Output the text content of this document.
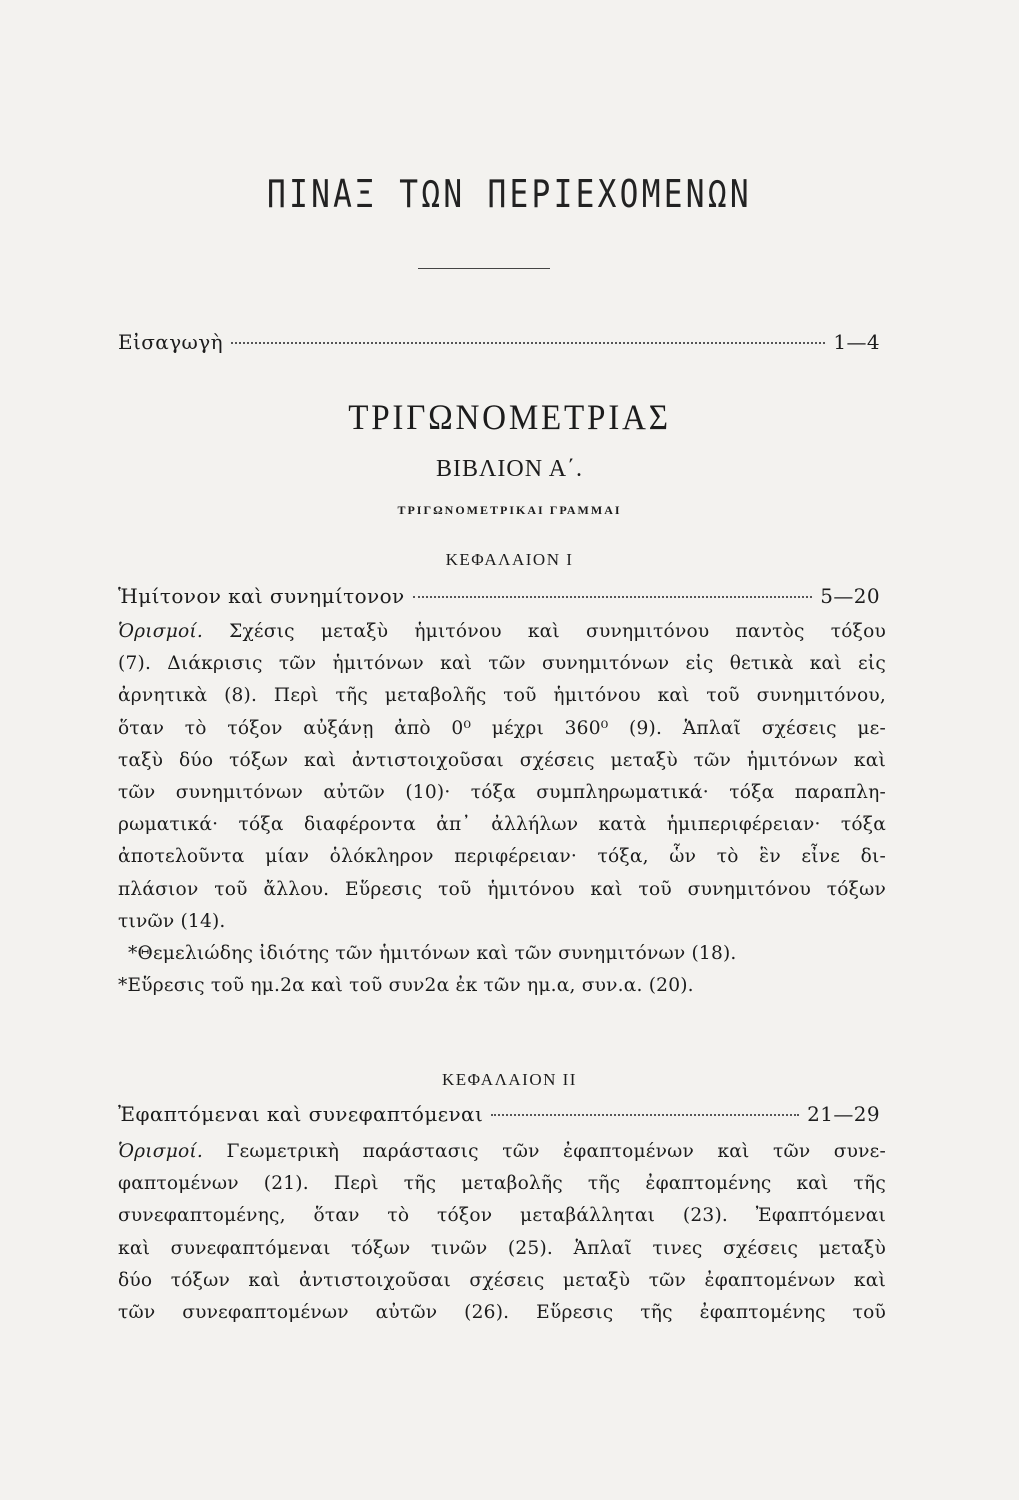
ΠΙΝΑΞ ΤΩΝ ΠΕΡΙΕΧΟΜΕΝΩΝ
Εἰσαγωγὴ	1—4
ΤΡΙΓΩΝΟΜΕΤΡΙΑΣ
ΒΙΒΛΙΟΝ Α΄.
ΤΡΙΓΩΝΟΜΕΤΡΙΚΑΙ ΓΡΑΜΜΑΙ
ΚΕΦΑΛΑΙΟΝ Ι
Ἡμίτονον καὶ συνημίτονον	5—20
Ὁρισμοί. Σχέσις μεταξὺ ἡμιτόνου καὶ συνημιτόνου παντὸς τόξου
(7). Διάκρισις τῶν ἡμιτόνων καὶ τῶν συνημιτόνων εἰς θετικὰ καὶ εἰς
ἀρνητικὰ (8). Περὶ τῆς μεταβολῆς τοῦ ἡμιτόνου καὶ τοῦ συνημιτόνου,
ὅταν τὸ τόξον αὐξάνῃ ἀπὸ 0⁰ μέχρι 360⁰ (9). Ἁπλαῖ σχέσεις με-
ταξὺ δύο τόξων καὶ ἀντιστοιχοῦσαι σχέσεις μεταξὺ τῶν ἡμιτόνων καὶ
τῶν συνημιτόνων αὐτῶν (10)· τόξα συμπληρωματικά· τόξα παραπλη-
ρωματικά· τόξα διαφέροντα ἀπ᾽ ἀλλήλων κατὰ ἡμιπεριφέρειαν· τόξα
ἀποτελοῦντα μίαν ὁλόκληρον περιφέρειαν· τόξα, ὧν τὸ ἓν εἶνε δι-
πλάσιον τοῦ ἄλλου. Εὕρεσις τοῦ ἡμιτόνου καὶ τοῦ συνημιτόνου τόξων
τινῶν (14).
*Θεμελιώδης ἰδιότης τῶν ἡμιτόνων καὶ τῶν συνημιτόνων (18).
*Εὕρεσις τοῦ ημ.2α καὶ τοῦ συν2α ἐκ τῶν ημ.α, συν.α. (20).
ΚΕΦΑΛΑΙΟΝ ΙΙ
Ἐφαπτόμεναι καὶ συνεφαπτόμεναι	21—29
Ὁρισμοί. Γεωμετρικὴ παράστασις τῶν ἐφαπτομένων καὶ τῶν συνε-
φαπτομένων (21). Περὶ τῆς μεταβολῆς τῆς ἐφαπτομένης καὶ τῆς
συνεφαπτομένης, ὅταν τὸ τόξον μεταβάλληται (23). Ἐφαπτόμεναι
καὶ συνεφαπτόμεναι τόξων τινῶν (25). Ἁπλαῖ τινες σχέσεις μεταξὺ
δύο τόξων καὶ ἀντιστοιχοῦσαι σχέσεις μεταξὺ τῶν ἐφαπτομένων καὶ
τῶν συνεφαπτομένων αὐτῶν (26). Εὕρεσις τῆς ἐφαπτομένης τοῦ
